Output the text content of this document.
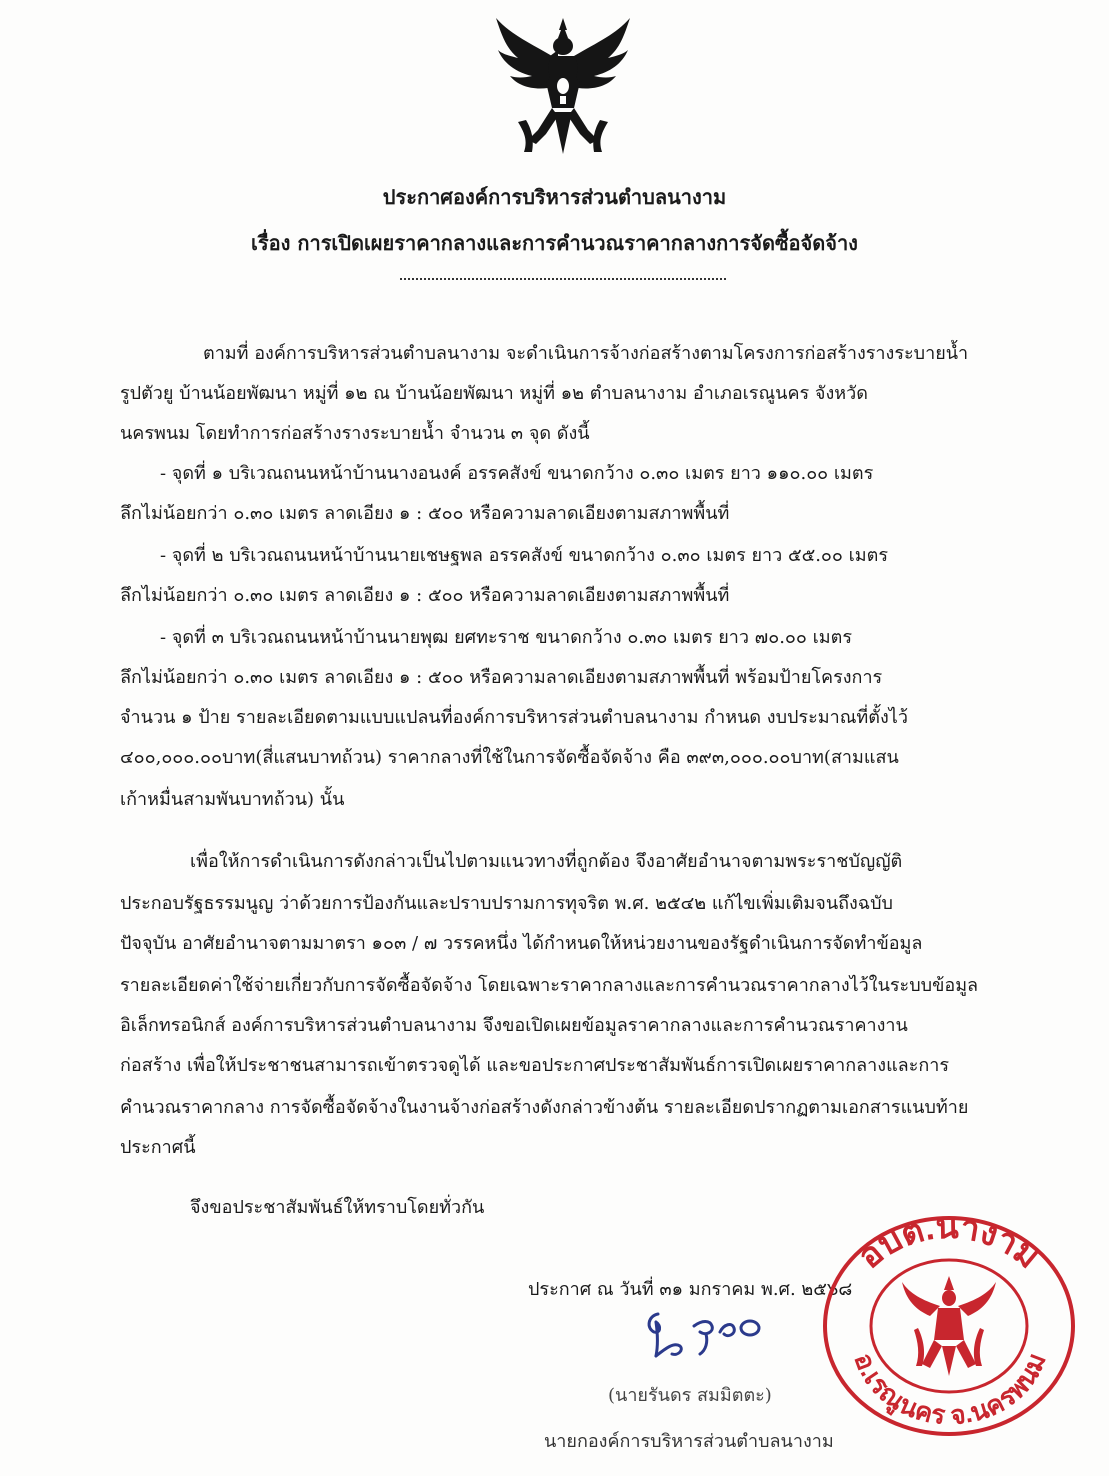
ประกาศองค์การบริหารส่วนตำบลนางาม
เรื่อง การเปิดเผยราคากลางและการคำนวณราคากลางการจัดซื้อจัดจ้าง
ตามที่ องค์การบริหารส่วนตำบลนางาม จะดำเนินการจ้างก่อสร้างตามโครงการก่อสร้างรางระบายน้ำ
รูปตัวยู บ้านน้อยพัฒนา หมู่ที่ ๑๒ ณ บ้านน้อยพัฒนา หมู่ที่ ๑๒ ตำบลนางาม อำเภอเรณูนคร จังหวัด
นครพนม โดยทำการก่อสร้างรางระบายน้ำ จำนวน ๓ จุด ดังนี้
- จุดที่ ๑ บริเวณถนนหน้าบ้านนางอนงค์ อรรคสังข์ ขนาดกว้าง ๐.๓๐ เมตร ยาว ๑๑๐.๐๐ เมตร
ลึกไม่น้อยกว่า ๐.๓๐ เมตร ลาดเอียง ๑ : ๕๐๐ หรือความลาดเอียงตามสภาพพื้นที่
- จุดที่ ๒ บริเวณถนนหน้าบ้านนายเชษฐพล อรรคสังข์ ขนาดกว้าง ๐.๓๐ เมตร ยาว ๕๕.๐๐ เมตร
ลึกไม่น้อยกว่า ๐.๓๐ เมตร ลาดเอียง ๑ : ๕๐๐ หรือความลาดเอียงตามสภาพพื้นที่
- จุดที่ ๓ บริเวณถนนหน้าบ้านนายพุฒ ยศทะราช ขนาดกว้าง ๐.๓๐ เมตร ยาว ๗๐.๐๐ เมตร
ลึกไม่น้อยกว่า ๐.๓๐ เมตร ลาดเอียง ๑ : ๕๐๐ หรือความลาดเอียงตามสภาพพื้นที่ พร้อมป้ายโครงการ
จำนวน ๑ ป้าย รายละเอียดตามแบบแปลนที่องค์การบริหารส่วนตำบลนางาม กำหนด งบประมาณที่ตั้งไว้
๔๐๐,๐๐๐.๐๐บาท(สี่แสนบาทถ้วน) ราคากลางที่ใช้ในการจัดซื้อจัดจ้าง คือ ๓๙๓,๐๐๐.๐๐บาท(สามแสน
เก้าหมื่นสามพันบาทถ้วน) นั้น
เพื่อให้การดำเนินการดังกล่าวเป็นไปตามแนวทางที่ถูกต้อง จึงอาศัยอำนาจตามพระราชบัญญัติ
ประกอบรัฐธรรมนูญ ว่าด้วยการป้องกันและปราบปรามการทุจริต พ.ศ. ๒๕๔๒ แก้ไขเพิ่มเติมจนถึงฉบับ
ปัจจุบัน อาศัยอำนาจตามมาตรา ๑๐๓ / ๗ วรรคหนึ่ง ได้กำหนดให้หน่วยงานของรัฐดำเนินการจัดทำข้อมูล
รายละเอียดค่าใช้จ่ายเกี่ยวกับการจัดซื้อจัดจ้าง โดยเฉพาะราคากลางและการคำนวณราคากลางไว้ในระบบข้อมูล
อิเล็กทรอนิกส์ องค์การบริหารส่วนตำบลนางาม จึงขอเปิดเผยข้อมูลราคากลางและการคำนวณราคางาน
ก่อสร้าง เพื่อให้ประชาชนสามารถเข้าตรวจดูได้ และขอประกาศประชาสัมพันธ์การเปิดเผยราคากลางและการ
คำนวณราคากลาง การจัดซื้อจัดจ้างในงานจ้างก่อสร้างดังกล่าวข้างต้น รายละเอียดปรากฏตามเอกสารแนบท้าย
ประกาศนี้
จึงขอประชาสัมพันธ์ให้ทราบโดยทั่วกัน
ประกาศ ณ วันที่ ๓๑ มกราคม พ.ศ. ๒๕๖๘
(นายรันดร สมมิตตะ)
นายกองค์การบริหารส่วนตำบลนางาม
อบต.นางาม
อ.เรณูนคร จ.นครพนม
